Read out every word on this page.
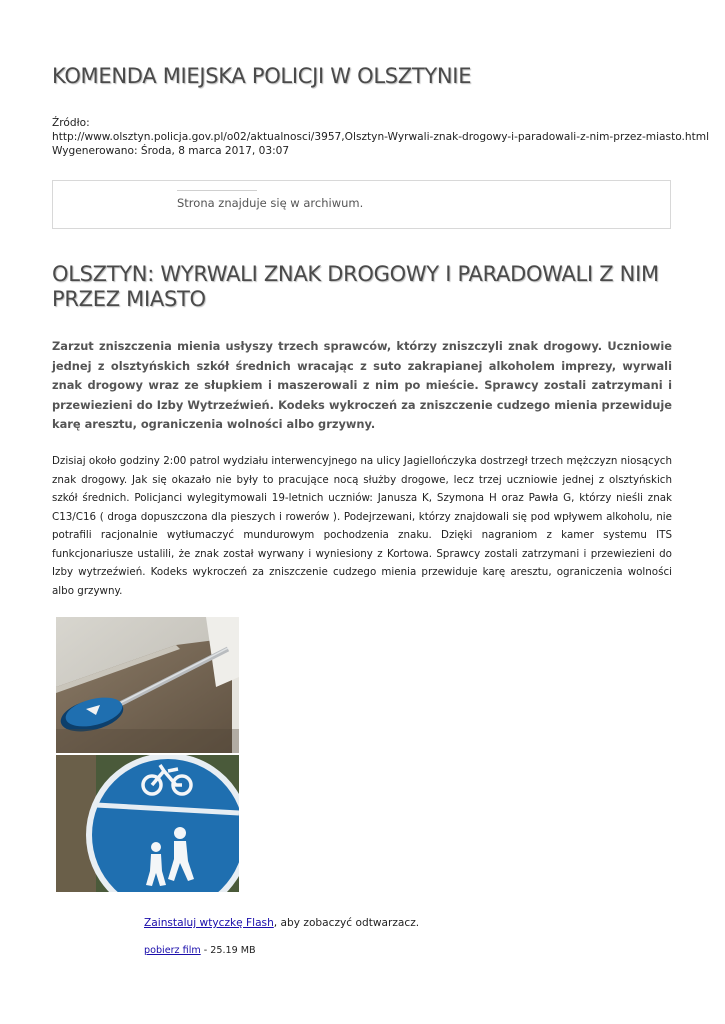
KOMENDA MIEJSKA POLICJI W OLSZTYNIE
Źródło:
http://www.olsztyn.policja.gov.pl/o02/aktualnosci/3957,Olsztyn-Wyrwali-znak-drogowy-i-paradowali-z-nim-przez-miasto.html
Wygenerowano: Środa, 8 marca 2017, 03:07
Strona znajduje się w archiwum.
OLSZTYN: WYRWALI ZNAK DROGOWY I PARADOWALI Z NIM
PRZEZ MIASTO

Zarzut zniszczenia mienia usłyszy trzech sprawców, którzy zniszczyli znak drogowy. Uczniowie jednej z olsztyńskich szkół średnich wracając z suto zakrapianej alkoholem imprezy, wyrwali znak drogowy wraz ze słupkiem i maszerowali z nim po mieście. Sprawcy zostali zatrzymani i przewiezieni do Izby Wytrzeźwień. Kodeks wykroczeń za zniszczenie cudzego mienia przewiduje karę aresztu, ograniczenia wolności albo grzywny.

Dzisiaj około godziny 2:00 patrol wydziału interwencyjnego na ulicy Jagiellończyka dostrzegł trzech mężczyzn niosących znak drogowy. Jak się okazało nie były to pracujące nocą służby drogowe, lecz trzej uczniowie jednej z olsztyńskich szkół średnich. Policjanci wylegitymowali 19-letnich uczniów: Janusza K, Szymona H oraz Pawła G, którzy nieśli znak C13/C16 ( droga dopuszczona dla pieszych i rowerów ). Podejrzewani, którzy znajdowali się pod wpływem alkoholu, nie potrafili racjonalnie wytłumaczyć mundurowym pochodzenia znaku. Dzięki nagraniom z kamer systemu ITS funkcjonariusze ustalili, że znak został wyrwany i wyniesiony z Kortowa. Sprawcy zostali zatrzymani i przewiezieni do Izby wytrzeźwień. Kodeks wykroczeń za zniszczenie cudzego mienia przewiduje karę aresztu, ograniczenia wolności albo grzywny.

Zainstaluj wtyczkę Flash, aby zobaczyć odtwarzacz.
pobierz film - 25.19 MB
